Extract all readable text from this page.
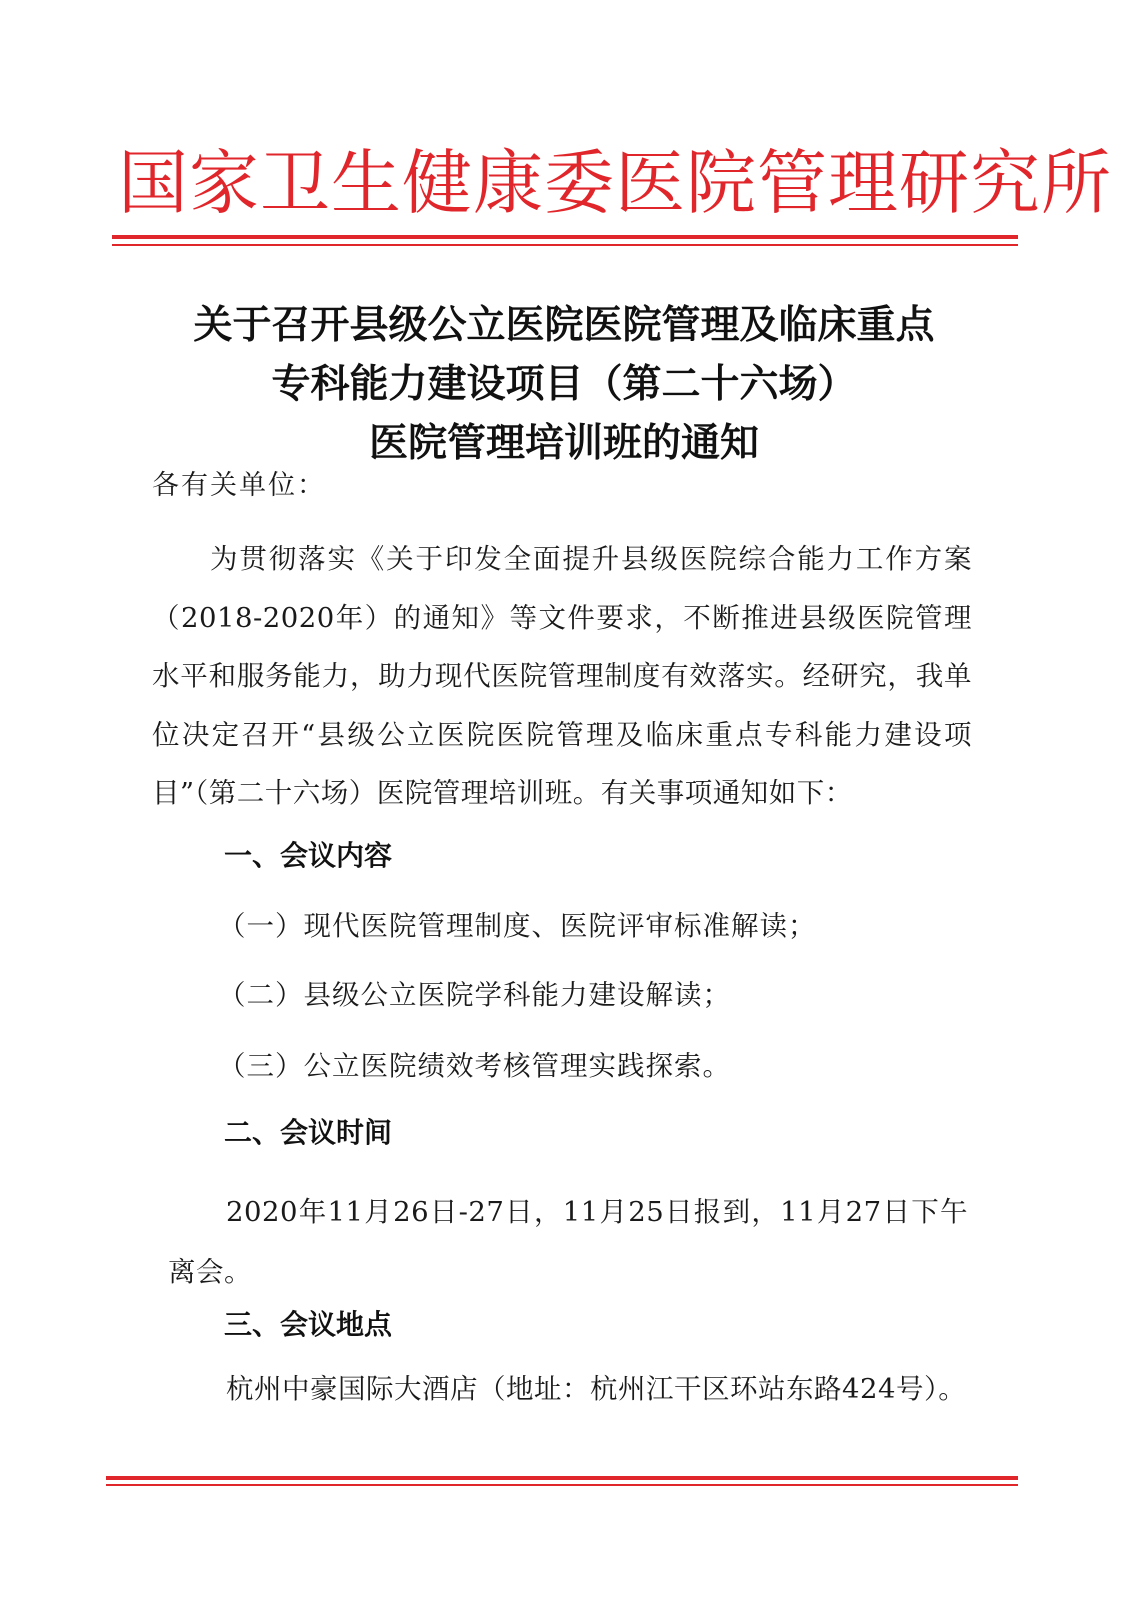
国家卫生健康委医院管理研究所
关于召开县级公立医院医院管理及临床重点
专科能力建设项目（第二十六场）
医院管理培训班的通知
各有关单位：
为贯彻落实《关于印发全面提升县级医院综合能力工作方案（2018-2020年）的通知》等文件要求，不断推进县级医院管理水平和服务能力，助力现代医院管理制度有效落实。经研究，我单位决定召开“县级公立医院医院管理及临床重点专科能力建设项目”（第二十六场）医院管理培训班。有关事项通知如下：
一、会议内容
（一）现代医院管理制度、医院评审标准解读；
（二）县级公立医院学科能力建设解读；
（三）公立医院绩效考核管理实践探索。
二、会议时间
2020年11月26日-27日，11月25日报到，11月27日下午离会。
三、会议地点
杭州中豪国际大酒店（地址：杭州江干区环站东路424号）。
